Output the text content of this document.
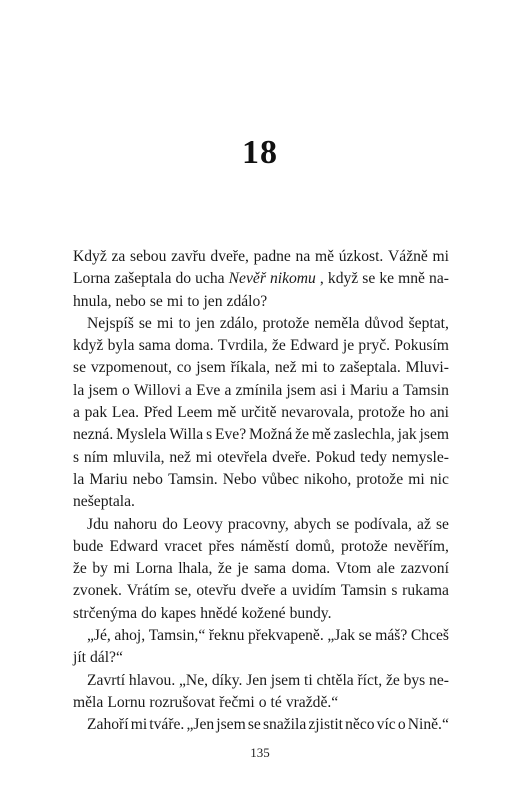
18
Když za sebou zavřu dveře, padne na mě úzkost. Vážně mi
Lorna zašeptala do ucha Nevěř nikomu , když se ke mně na-
hnula, nebo se mi to jen zdálo?
Nejspíš se mi to jen zdálo, protože neměla důvod šeptat,
když byla sama doma. Tvrdila, že Edward je pryč. Pokusím
se vzpomenout, co jsem říkala, než mi to zašeptala. Mluvi-
la jsem o Willovi a Eve a zmínila jsem asi i Mariu a Tamsin
a pak Lea. Před Leem mě určitě nevarovala, protože ho ani
nezná. Myslela Willa s Eve? Možná že mě zaslechla, jak jsem
s ním mluvila, než mi otevřela dveře. Pokud tedy nemysle-
la Mariu nebo Tamsin. Nebo vůbec nikoho, protože mi nic
nešeptala.
Jdu nahoru do Leovy pracovny, abych se podívala, až se
bude Edward vracet přes náměstí domů, protože nevěřím,
že by mi Lorna lhala, že je sama doma. Vtom ale zazvoní
zvonek. Vrátím se, otevřu dveře a uvidím Tamsin s rukama
strčenýma do kapes hnědé kožené bundy.
„Jé, ahoj, Tamsin,“ řeknu překvapeně. „Jak se máš? Chceš
jít dál?“
Zavrtí hlavou. „Ne, díky. Jen jsem ti chtěla říct, že bys ne-
měla Lornu rozrušovat řečmi o té vraždě.“
Zahoří mi tváře. „Jen jsem se snažila zjistit něco víc o Nině.“
135
